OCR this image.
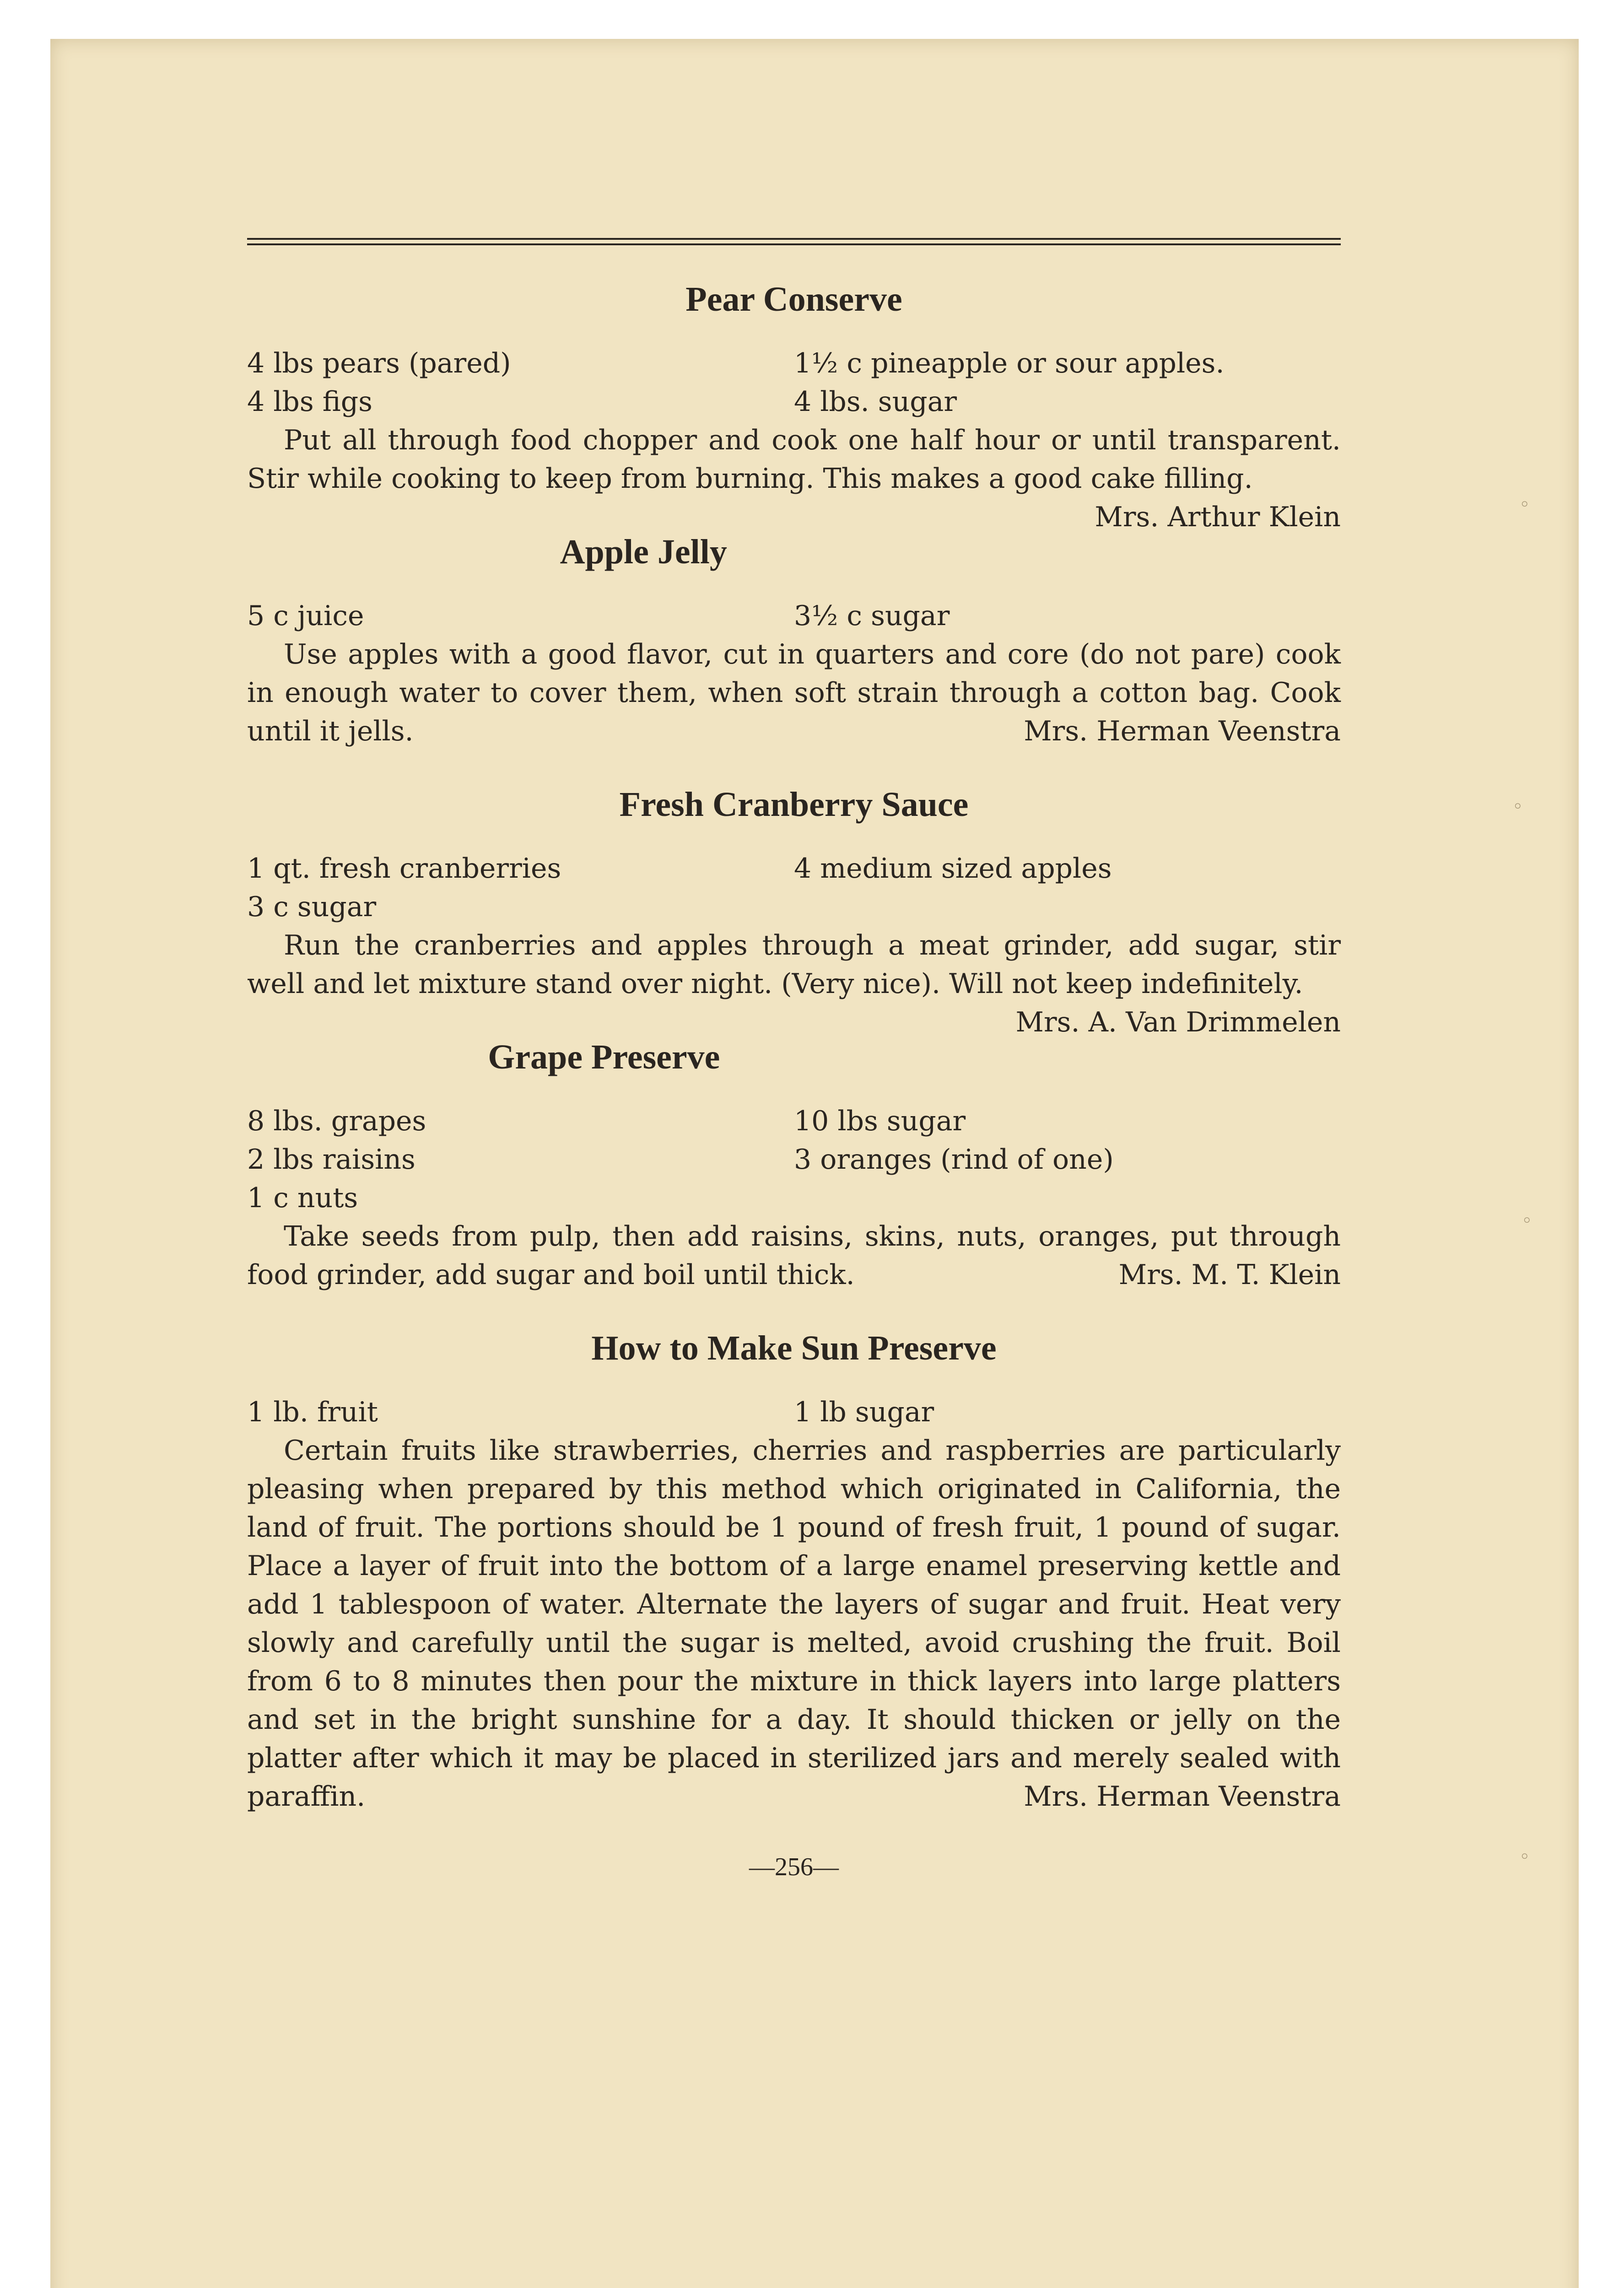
◦
◦
◦
◦
Pear Conserve
4 lbs pears (pared)	1½ c pineapple or sour apples.
4 lbs figs	4 lbs. sugar

Put all through food chopper and cook one half hour or until transparent. Stir while cooking to keep from burning. This makes a good cake filling.
Mrs. Arthur Klein

Apple Jelly
5 c juice	3½ c sugar

Use apples with a good flavor, cut in quarters and core (do not pare) cook in enough water to cover them, when soft strain through a cotton bag. Cook until it jells.	Mrs. Herman Veenstra

Fresh Cranberry Sauce
1 qt. fresh cranberries	4 medium sized apples
3 c sugar

Run the cranberries and apples through a meat grinder, add sugar, stir well and let mixture stand over night. (Very nice). Will not keep indefinitely.
Mrs. A. Van Drimmelen

Grape Preserve
8 lbs. grapes	10 lbs sugar
2 lbs raisins	3 oranges (rind of one)
1 c nuts

Take seeds from pulp, then add raisins, skins, nuts, oranges, put through food grinder, add sugar and boil until thick.	Mrs. M. T. Klein

How to Make Sun Preserve
1 lb. fruit	1 lb sugar

Certain fruits like strawberries, cherries and raspberries are particularly pleasing when prepared by this method which originated in California, the land of fruit. The portions should be 1 pound of fresh fruit, 1 pound of sugar. Place a layer of fruit into the bottom of a large enamel preserving kettle and add 1 tablespoon of water. Alternate the layers of sugar and fruit. Heat very slowly and carefully until the sugar is melted, avoid crushing the fruit. Boil from 6 to 8 minutes then pour the mixture in thick layers into large platters and set in the bright sunshine for a day. It should thicken or jelly on the platter after which it may be placed in sterilized jars and merely sealed with paraffin.	Mrs. Herman Veenstra

—256—
